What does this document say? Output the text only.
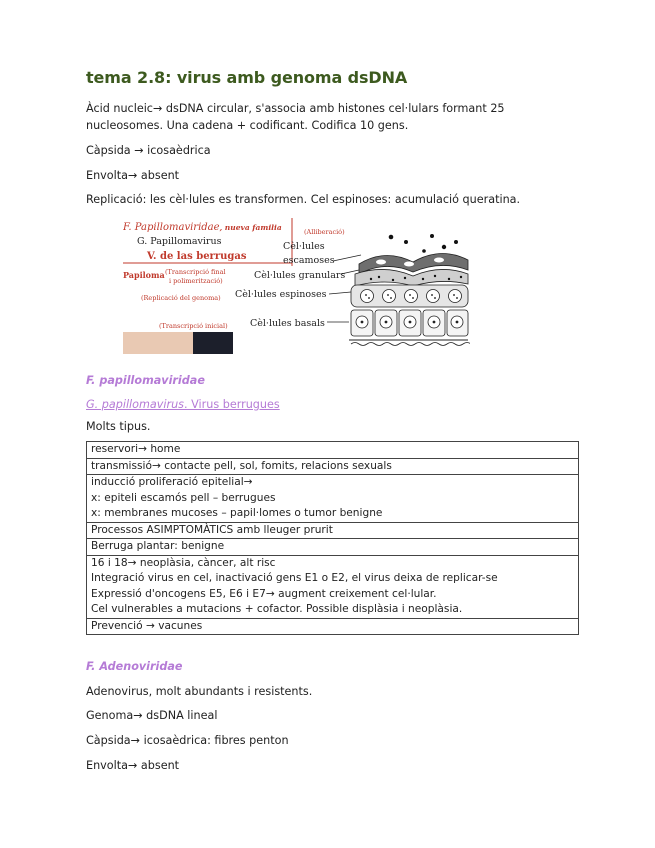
tema 2.8: virus amb genoma dsDNA

Àcid nucleic→ dsDNA circular, s'associa amb histones cel·lulars formant 25 nucleosomes. Una cadena + codificant. Codifica 10 gens.

Càpsida → icosaèdrica

Envolta→ absent

Replicació: les cèl·lules es transformen. Cel espinoses: acumulació queratina.

F. Papillomaviridae, nueva familia
G. Papillomavirus
V. de las berrugas
Papiloma (Transcripció final
i polimerització)
(Replicació del genoma)
(Transcripció inicial)
(Alliberació)
Cèl·lules
escamoses
Cèl·lules granulars
Cèl·lules espinoses
Cèl·lules basals
F. papillomaviridae
G. papillomavirus. Virus berrugues

Molts tipus.

reservori→ home

transmissió→ contacte pell, sol, fomits, relacions sexuals

inducció proliferació epitelial→
x: epiteli escamós pell – berrugues
x: membranes mucoses – papil·lomes o tumor benigne

Processos ASIMPTOMÀTICS amb lleuger prurit

Berruga plantar: benigne

16 i 18→ neoplàsia, càncer, alt risc
Integració virus en cel, inactivació gens E1 o E2, el virus deixa de replicar-se
Expressió d'oncogens E5, E6 i E7→ augment creixement cel·lular.
Cel vulnerables a mutacions + cofactor. Possible displàsia i neoplàsia.

Prevenció → vacunes
F. Adenoviridae

Adenovirus, molt abundants i resistents.

Genoma→ dsDNA lineal

Càpsida→ icosaèdrica: fibres penton

Envolta→ absent
